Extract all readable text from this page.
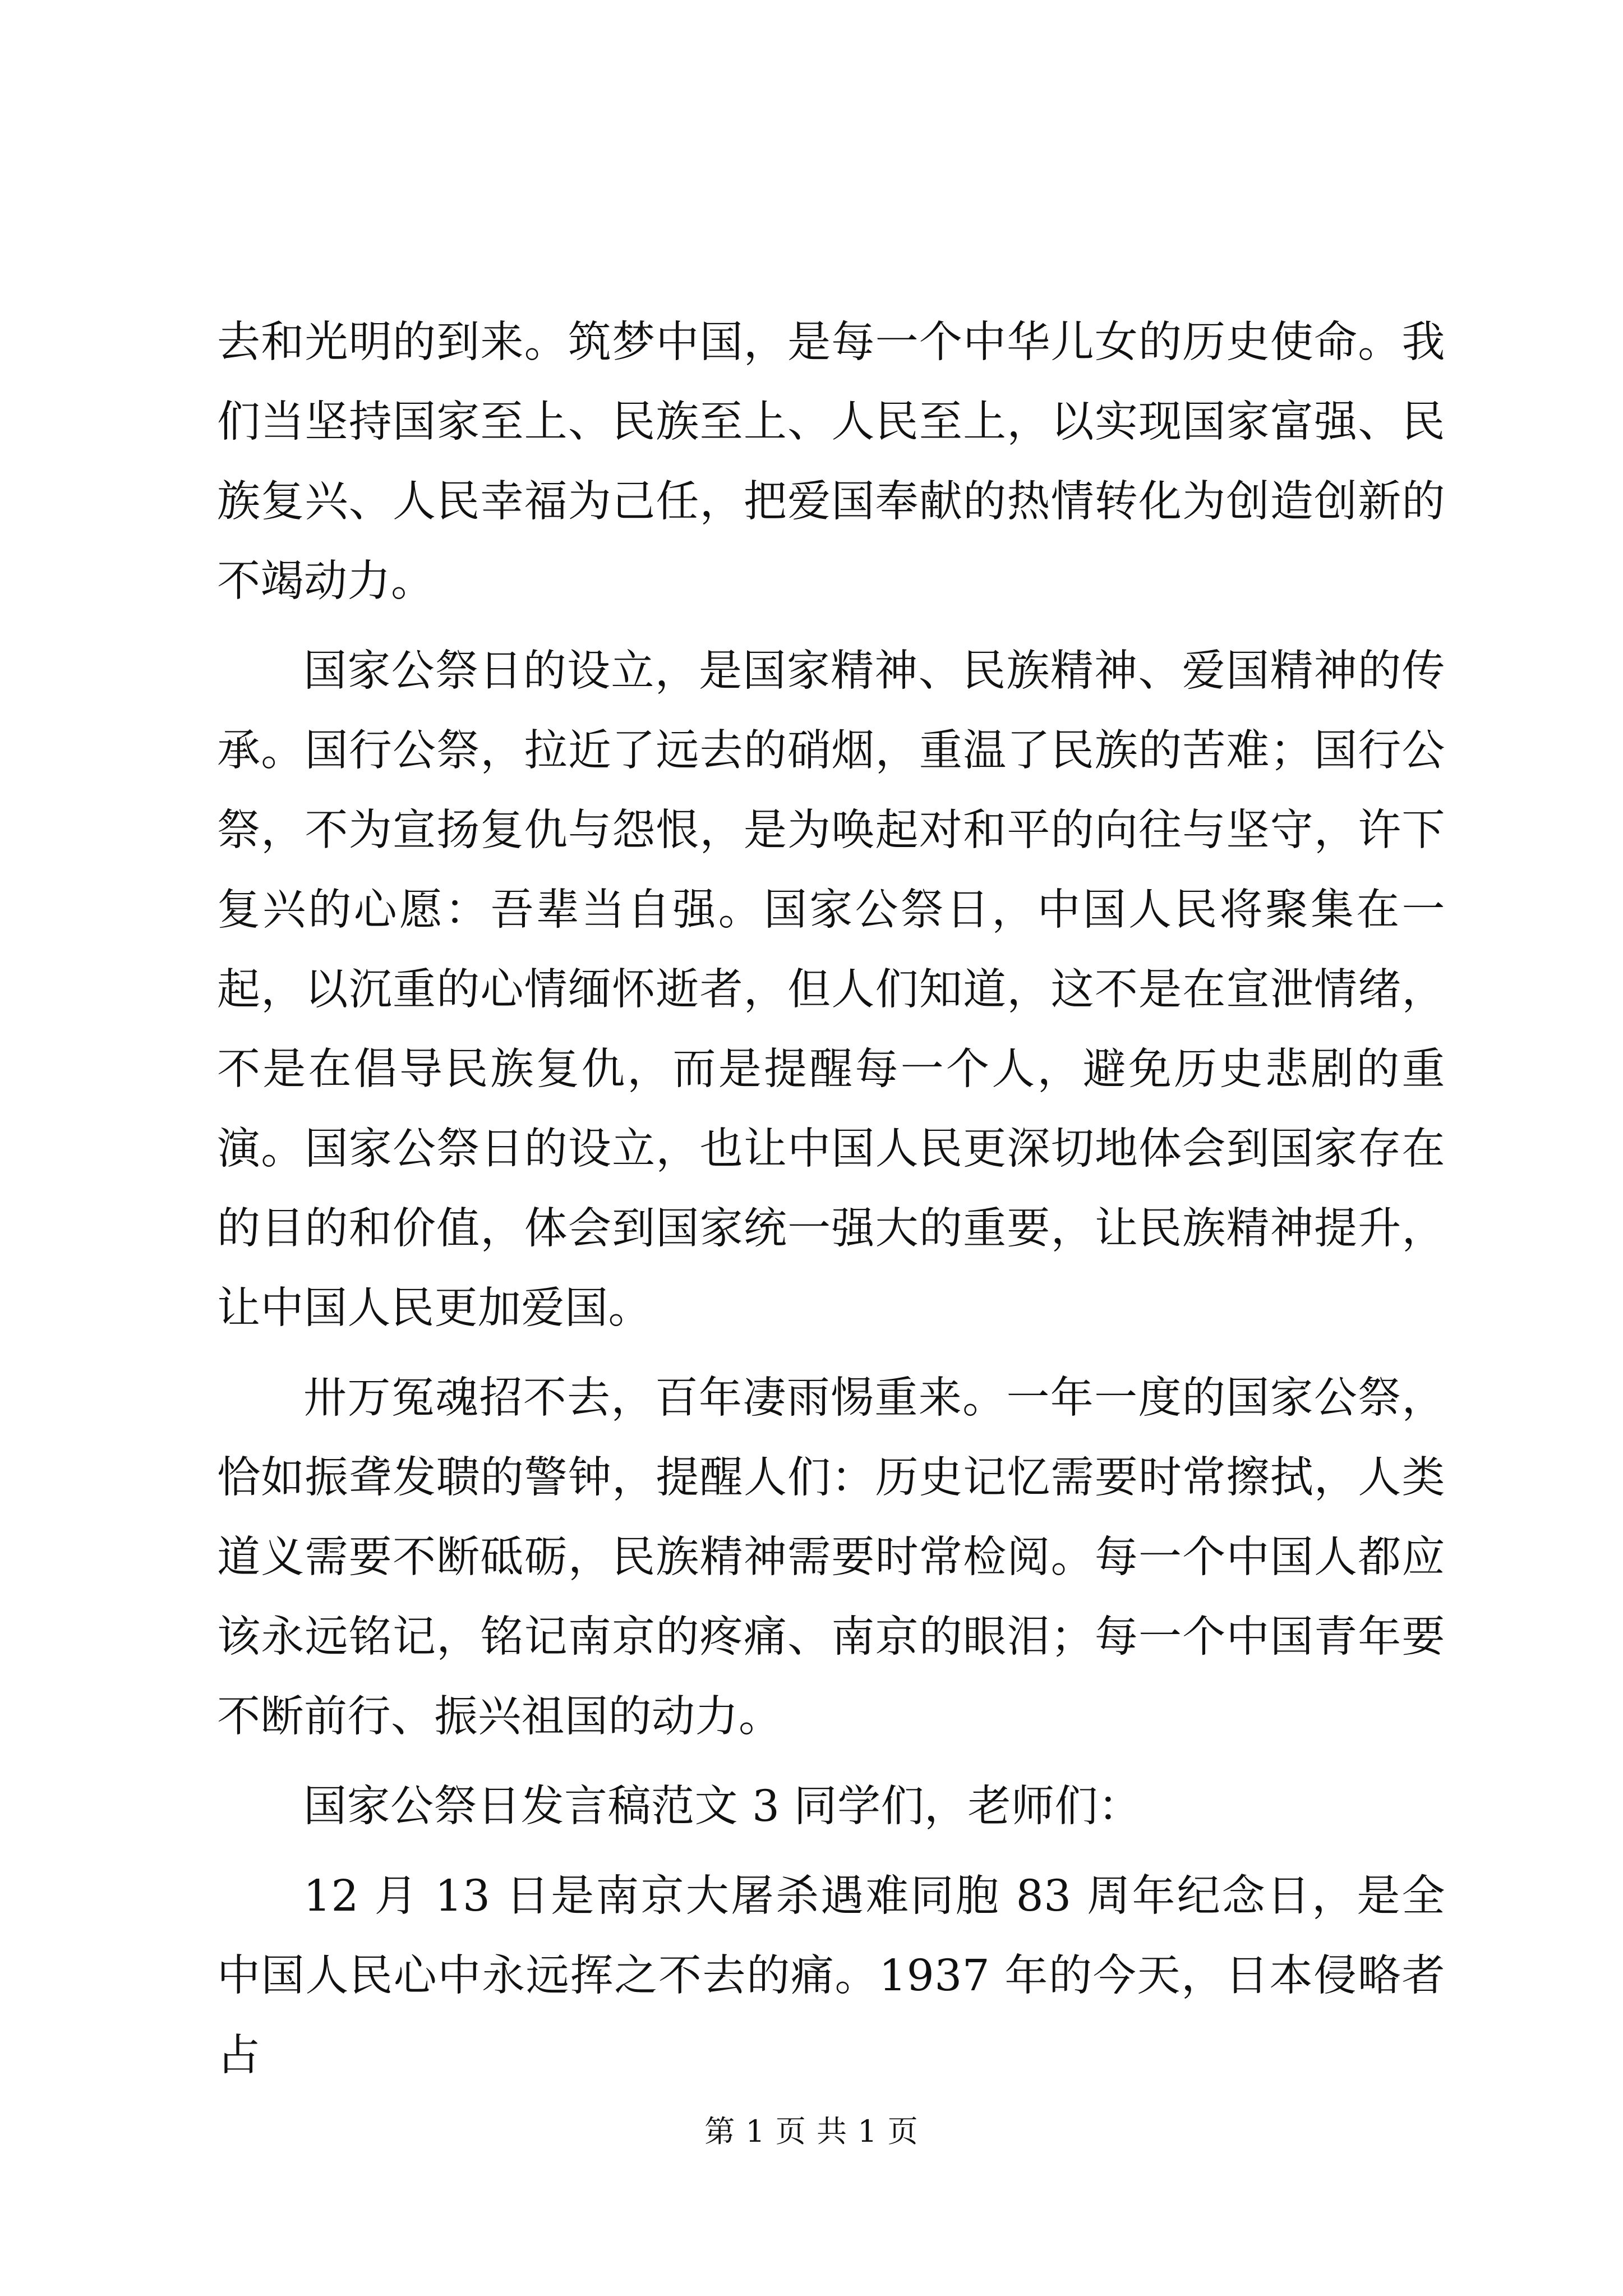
去和光明的到来。筑梦中国，是每一个中华儿女的历史使命。我们当坚持国家至上、民族至上、人民至上，以实现国家富强、民族复兴、人民幸福为己任，把爱国奉献的热情转化为创造创新的不竭动力。

国家公祭日的设立，是国家精神、民族精神、爱国精神的传承。国行公祭，拉近了远去的硝烟，重温了民族的苦难；国行公祭，不为宣扬复仇与怨恨，是为唤起对和平的向往与坚守，许下复兴的心愿：吾辈当自强。国家公祭日，中国人民将聚集在一起，以沉重的心情缅怀逝者，但人们知道，这不是在宣泄情绪，不是在倡导民族复仇，而是提醒每一个人，避免历史悲剧的重演。国家公祭日的设立，也让中国人民更深切地体会到国家存在的目的和价值，体会到国家统一强大的重要，让民族精神提升，让中国人民更加爱国。

卅万冤魂招不去，百年凄雨惕重来。一年一度的国家公祭，恰如振聋发聩的警钟，提醒人们：历史记忆需要时常擦拭，人类道义需要不断砥砺，民族精神需要时常检阅。每一个中国人都应该永远铭记，铭记南京的疼痛、南京的眼泪；每一个中国青年要不断前行、振兴祖国的动力。

国家公祭日发言稿范文 3 同学们，老师们：

12 月 13 日是南京大屠杀遇难同胞 83 周年纪念日，是全中国人民心中永远挥之不去的痛。1937 年的今天，日本侵略者占

第 1 页 共 1 页
